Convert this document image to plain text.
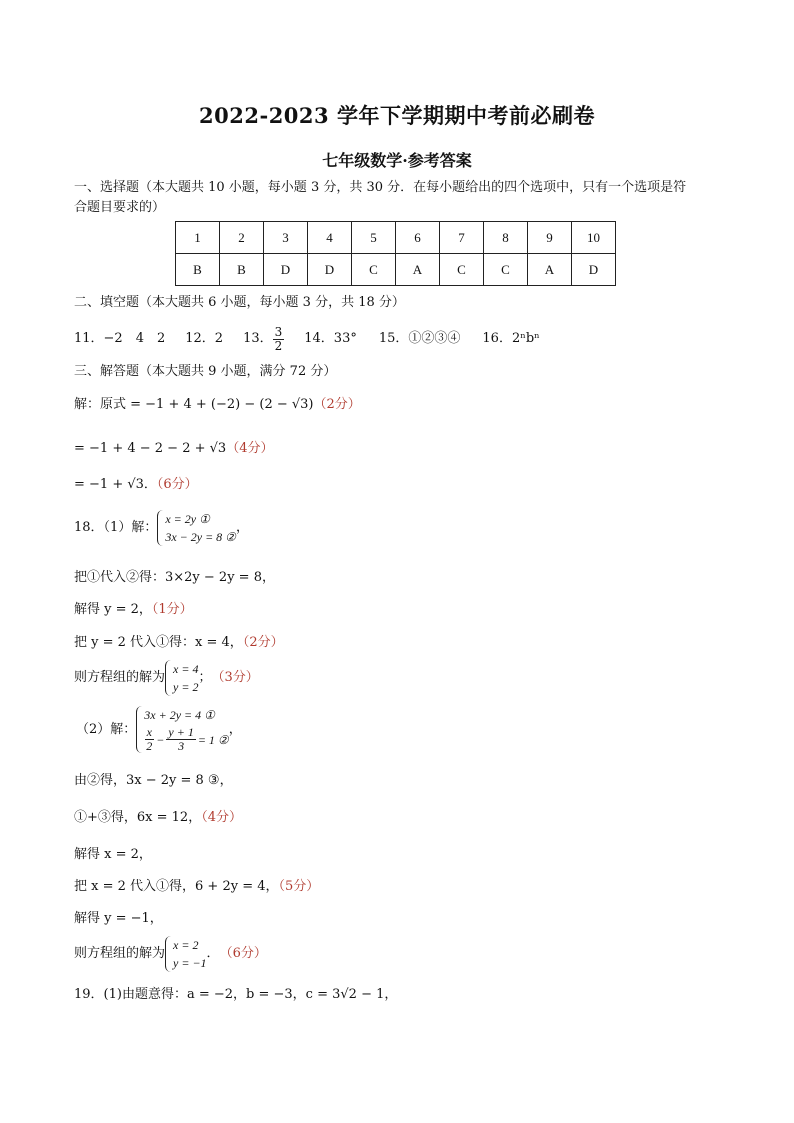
2022-2023 学年下学期期中考前必刷卷
七年级数学·参考答案
一、选择题（本大题共 10 小题，每小题 3 分，共 30 分．在每小题给出的四个选项中，只有一个选项是符
合题目要求的）
1	2	3	4	5	6	7	8	9	10
B	B	D	D	C	A	C	C	A	D
二、填空题（本大题共 6 小题，每小题 3 分，共 18 分）
11．−2　4　2 12．2 13． $\frac{3}{2} 14$．33° 15．①②③④ 16．2ⁿbⁿ
三、解答题（本大题共 9 小题，满分 72 分）
解：原式 = −1 + 4 + (−2) − (2 − √3)（2分）
= −1 + 4 − 2 − 2 + √3（4分）
= −1 + √3．（6分）
18．（1）解：
x = 2y ①
3x − 2y = 8 ②
，
把①代入②得：3×2y − 2y = 8，
解得 y = 2，（1分）
把 y = 2 代入①得：x = 4，（2分）
则方程组的解为
x = 4
y = 2
； （3分）
（2）解：
3x + 2y = 4 ①
$\frac{x}{2} - \frac{y + 1}{3} = 1$ ②
，
由②得，3x − 2y = 8 ③，
①+③得，6x = 12，（4分）
解得 x = 2，
把 x = 2 代入①得，6 + 2y = 4，（5分）
解得 y = −1，
则方程组的解为
x = 2
y = −1
． （6分）
19．(1)由题意得：a = −2，b = −3，c = 3√2 − 1，
